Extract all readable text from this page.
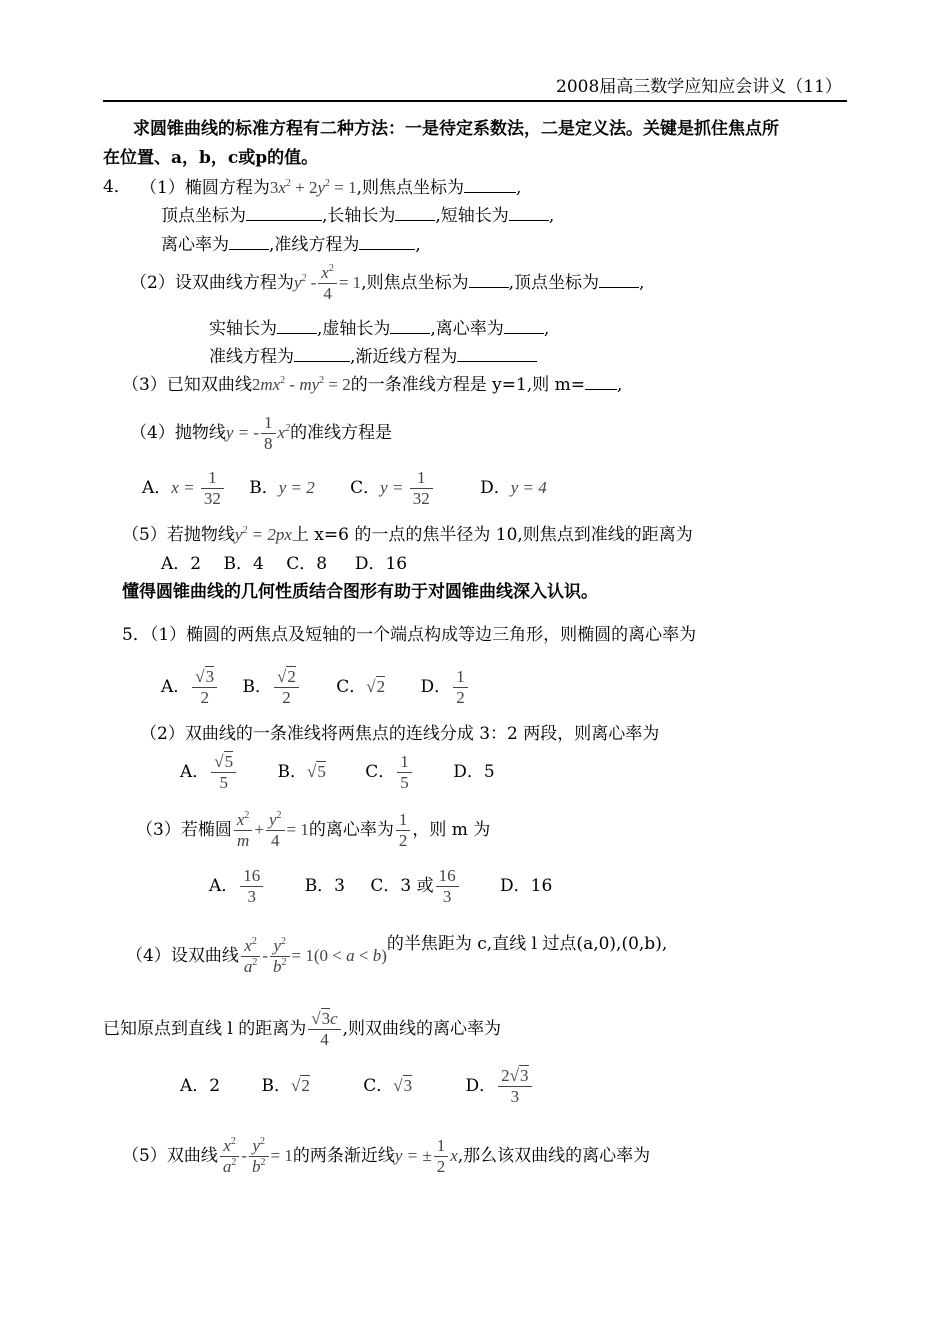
2008届高三数学应知应会讲义（11）
求圆锥曲线的标准方程有二种方法：一是待定系数法，二是定义法。关键是抓住焦点所
在位置、a，b，c或p的值。
4． （1）椭圆方程为$3x^2 + 2y^2 = 1$,则焦点坐标为	,
顶点坐标为	,长轴长为 ,短轴长为 ,
离心率为 ,准线方程为	,
（2）设双曲线方程为$y^2 - \frac{x^2}{4} = 1$,则焦点坐标为 ,顶点坐标为 ,
实轴长为 ,虚轴长为 ,离心率为 ,
准线方程为	,渐近线方程为
（3）已知双曲线$2mx^2 - my^2 = 2$的一条准线方程是 y=1,则 m= ,
（4）抛物线y = - $\frac{1}{8} x^2$的准线方程是
A．$x = \frac{1}{32}$ B．y = 2 C．$y = \frac{1}{32}$	D．y = 4
（5）若抛物线$y^2 = 2px$上 x=6 的一点的焦半径为 10,则焦点到准线的距离为
A．2　 B．4 　C．8 　 D．16
懂得圆锥曲线的几何性质结合图形有助于对圆锥曲线深入认识。
5．（1）椭圆的两焦点及短轴的一个端点构成等边三角形，则椭圆的离心率为
A． $\frac{√3}{2}$ B． $\frac{√2}{2}$ C．√2 D． $\frac{1}{2}$
（2）双曲线的一条准线将两焦点的连线分成 3：2 两段，则离心率为
A． $\frac{√5}{5}$ B．√5 C． $\frac{1}{5}$ D．5
（3）若椭圆 $\frac{x^2}{m} + \frac{y^2}{4} = 1$的离心率为 $\frac{1}{2}$ ，则 m 为
A． $\frac{16}{3}$ B．3 C．3 或 $\frac{16}{3}$ D．16
（4）设双曲线 $\frac{x^2}{a^2} - \frac{y^2}{b^2} = 1(0 < a < b)$的半焦距为 c,直线 l 过点(a,0),(0,b),
已知原点到直线 l 的距离为 $\frac{√3c}{4}$ ,则双曲线的离心率为
A．2 B．√2	C．√3	D． $\frac{2√3}{3}$
（5）双曲线 $\frac{x^2}{a^2} - \frac{y^2}{b^2} = 1$的两条渐近线y = ± $\frac{1}{2} x$,那么该双曲线的离心率为
